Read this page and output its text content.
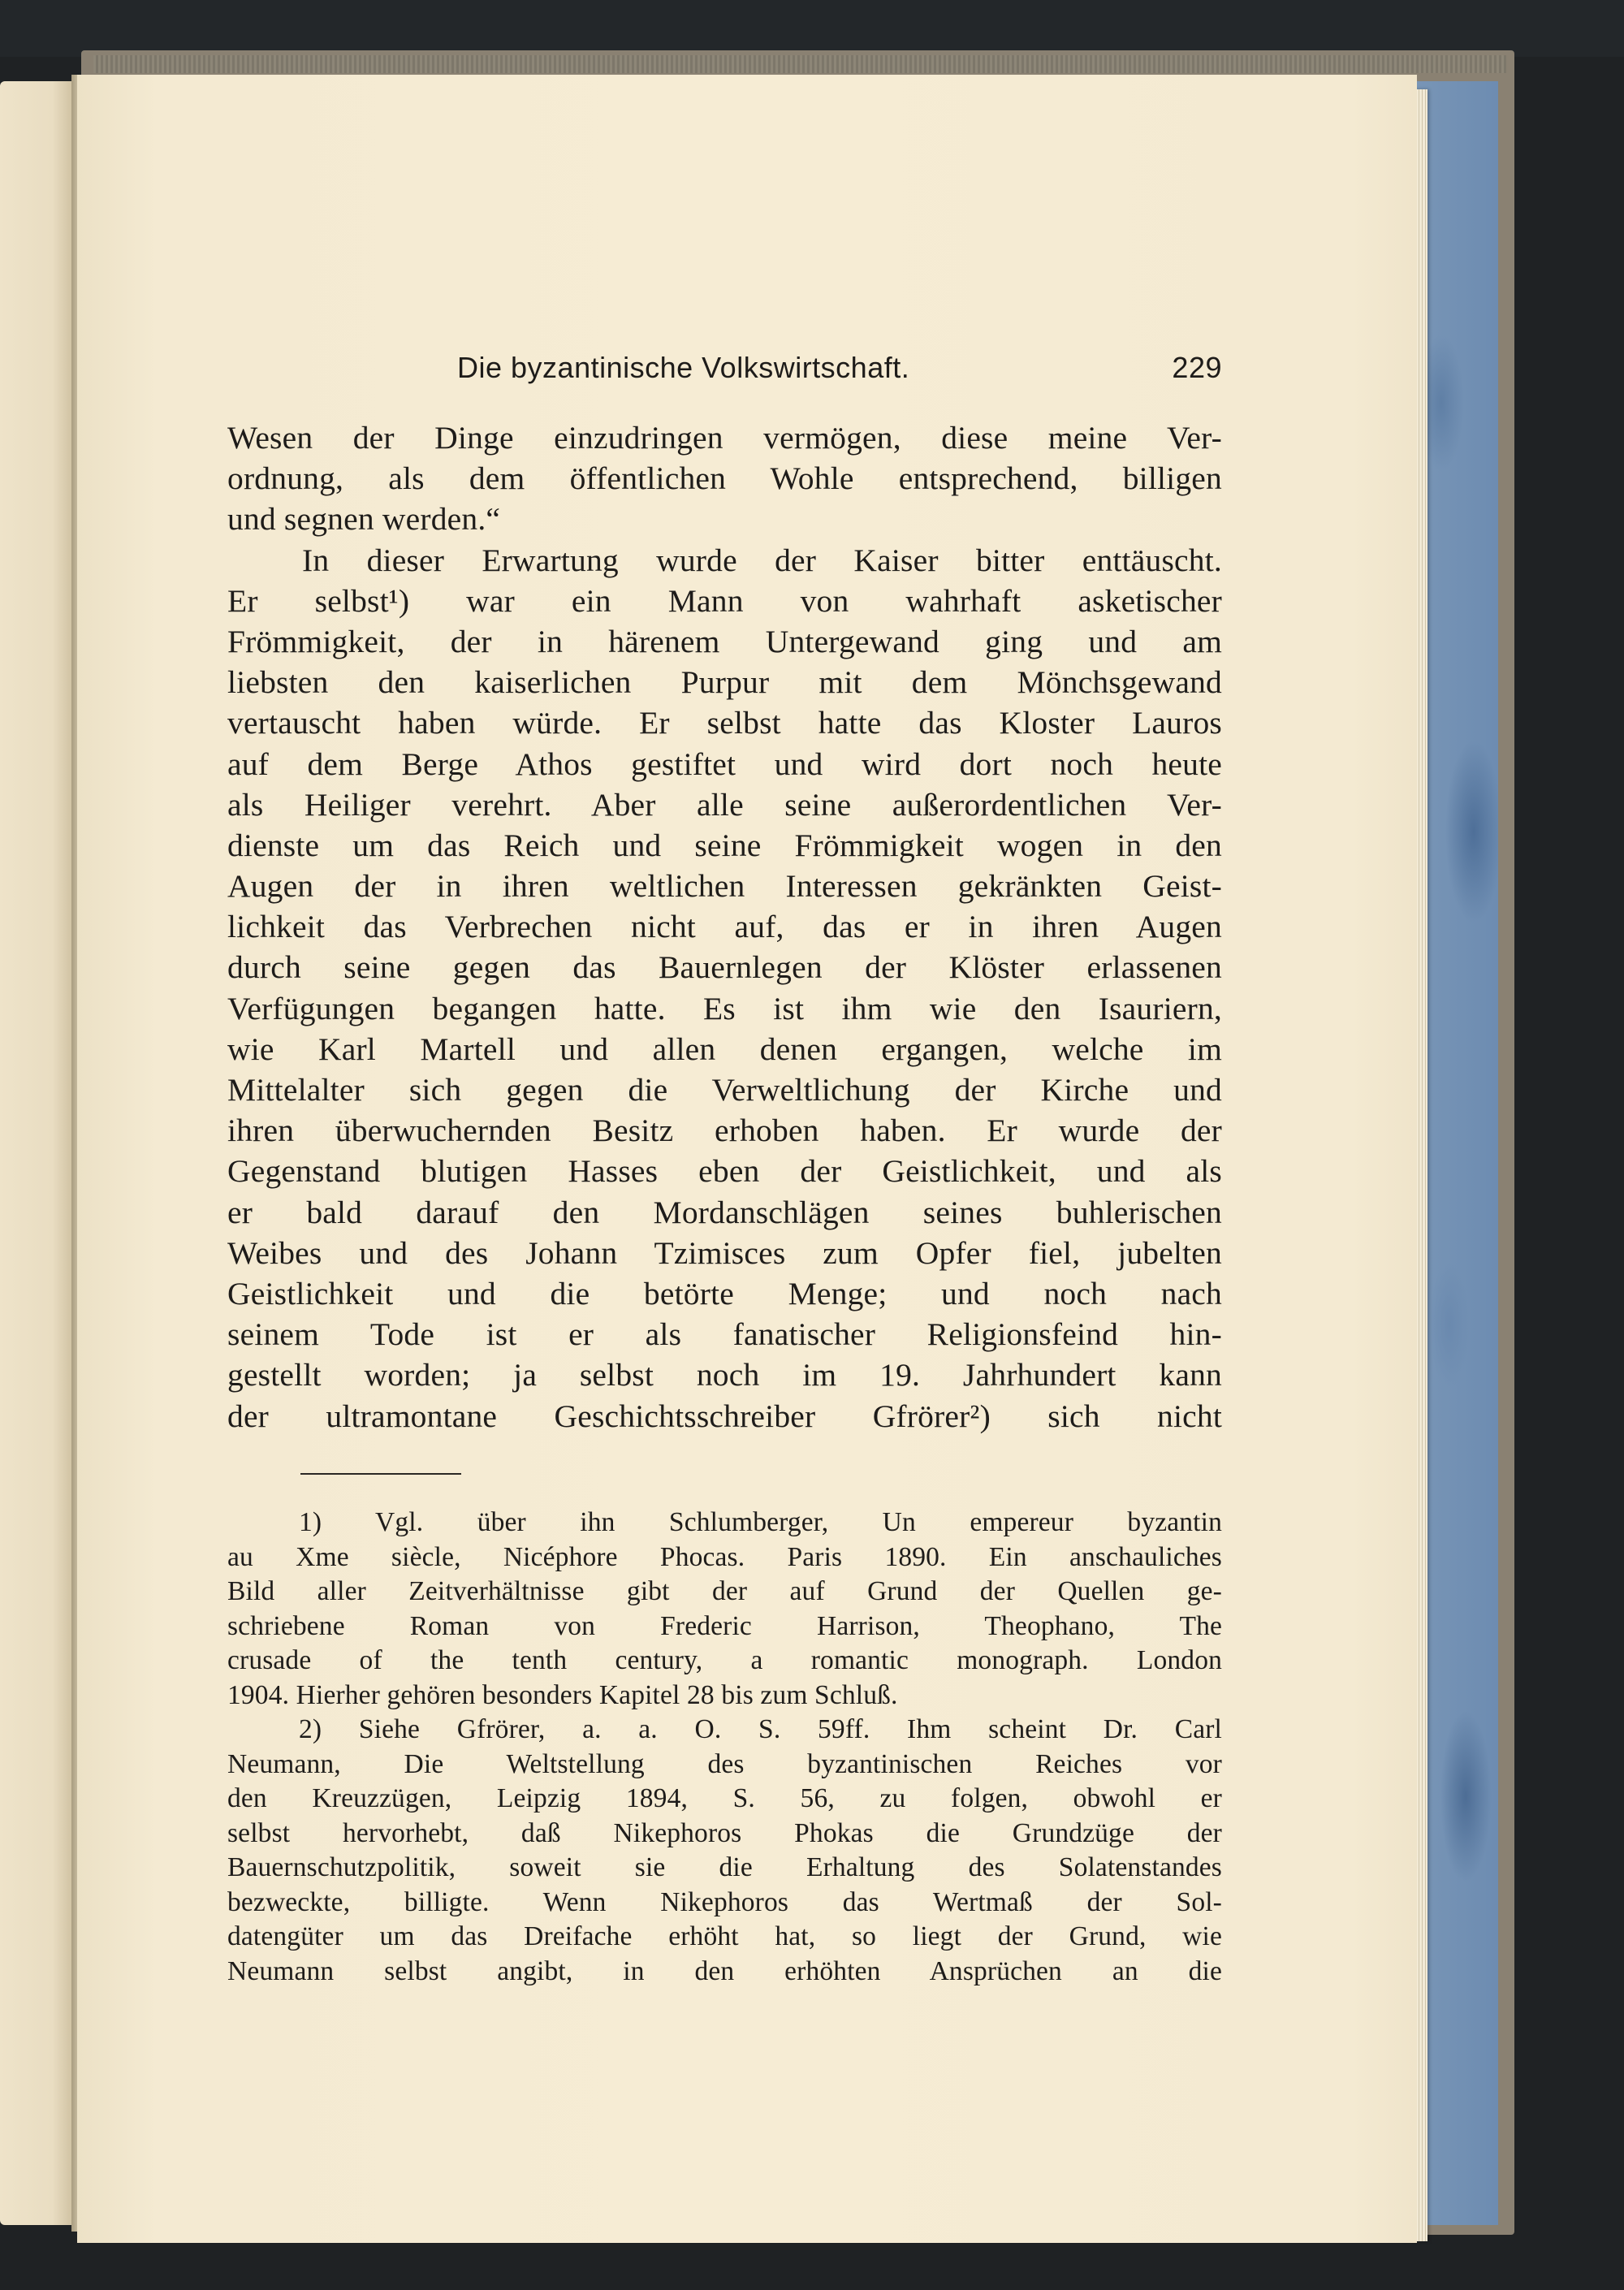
Die byzantinische Volkswirtschaft.	229
Wesen der Dinge einzudringen vermögen, diese meine Ver-
ordnung, als dem öffentlichen Wohle entsprechend, billigen
und segnen werden.“
In dieser Erwartung wurde der Kaiser bitter enttäuscht.
Er selbst¹) war ein Mann von wahrhaft asketischer
Frömmigkeit, der in härenem Untergewand ging und am
liebsten den kaiserlichen Purpur mit dem Mönchsgewand
vertauscht haben würde. Er selbst hatte das Kloster Lauros
auf dem Berge Athos gestiftet und wird dort noch heute
als Heiliger verehrt. Aber alle seine außerordentlichen Ver-
dienste um das Reich und seine Frömmigkeit wogen in den
Augen der in ihren weltlichen Interessen gekränkten Geist-
lichkeit das Verbrechen nicht auf, das er in ihren Augen
durch seine gegen das Bauernlegen der Klöster erlassenen
Verfügungen begangen hatte. Es ist ihm wie den Isauriern,
wie Karl Martell und allen denen ergangen, welche im
Mittelalter sich gegen die Verweltlichung der Kirche und
ihren überwuchernden Besitz erhoben haben. Er wurde der
Gegenstand blutigen Hasses eben der Geistlichkeit, und als
er bald darauf den Mordanschlägen seines buhlerischen
Weibes und des Johann Tzimisces zum Opfer fiel, jubelten
Geistlichkeit und die betörte Menge; und noch nach
seinem Tode ist er als fanatischer Religionsfeind hin-
gestellt worden; ja selbst noch im 19. Jahrhundert kann
der ultramontane Geschichtsschreiber Gfrörer²) sich nicht
1) Vgl. über ihn Schlumberger, Un empereur byzantin
au Xme siècle, Nicéphore Phocas. Paris 1890. Ein anschauliches
Bild aller Zeitverhältnisse gibt der auf Grund der Quellen ge-
schriebene Roman von Frederic Harrison, Theophano, The
crusade of the tenth century, a romantic monograph. London
1904. Hierher gehören besonders Kapitel 28 bis zum Schluß.
2) Siehe Gfrörer, a. a. O. S. 59ff. Ihm scheint Dr. Carl
Neumann, Die Weltstellung des byzantinischen Reiches vor
den Kreuzzügen, Leipzig 1894, S. 56, zu folgen, obwohl er
selbst hervorhebt, daß Nikephoros Phokas die Grundzüge der
Bauernschutzpolitik, soweit sie die Erhaltung des Solatenstandes
bezweckte, billigte. Wenn Nikephoros das Wertmaß der Sol-
datengüter um das Dreifache erhöht hat, so liegt der Grund, wie
Neumann selbst angibt, in den erhöhten Ansprüchen an die
